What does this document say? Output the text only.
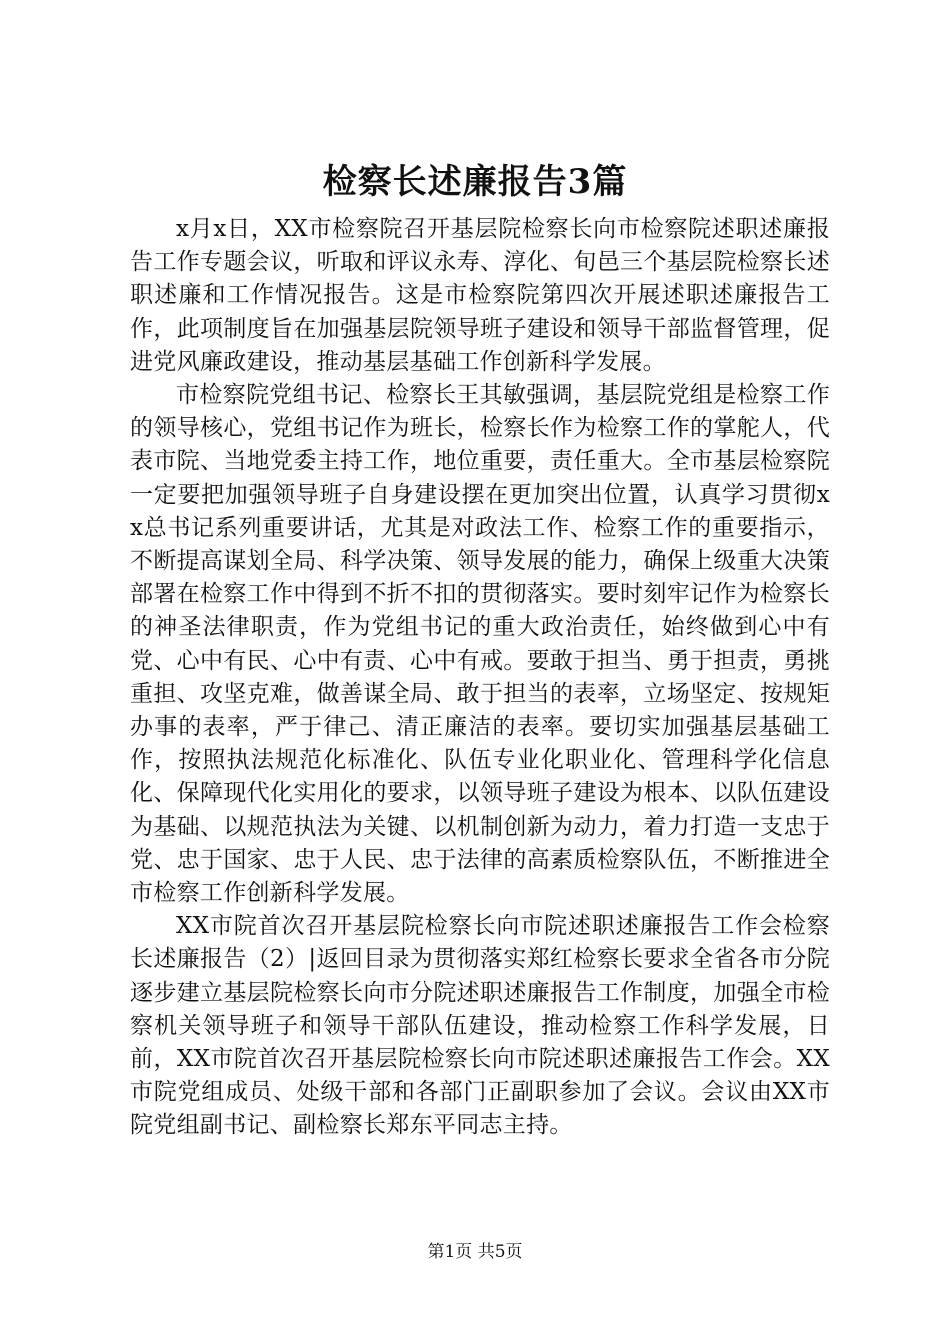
检察长述廉报告3篇

x月x日，XX市检察院召开基层院检察长向市检察院述职述廉报告工作专题会议，听取和评议永寿、淳化、旬邑三个基层院检察长述职述廉和工作情况报告。这是市检察院第四次开展述职述廉报告工作，此项制度旨在加强基层院领导班子建设和领导干部监督管理，促进党风廉政建设，推动基层基础工作创新科学发展。

市检察院党组书记、检察长王其敏强调，基层院党组是检察工作的领导核心，党组书记作为班长，检察长作为检察工作的掌舵人，代表市院、当地党委主持工作，地位重要，责任重大。全市基层检察院一定要把加强领导班子自身建设摆在更加突出位置，认真学习贯彻xx总书记系列重要讲话，尤其是对政法工作、检察工作的重要指示，不断提高谋划全局、科学决策、领导发展的能力，确保上级重大决策部署在检察工作中得到不折不扣的贯彻落实。要时刻牢记作为检察长的神圣法律职责，作为党组书记的重大政治责任，始终做到心中有党、心中有民、心中有责、心中有戒。要敢于担当、勇于担责，勇挑重担、攻坚克难，做善谋全局、敢于担当的表率，立场坚定、按规矩办事的表率，严于律己、清正廉洁的表率。要切实加强基层基础工作，按照执法规范化标准化、队伍专业化职业化、管理科学化信息化、保障现代化实用化的要求，以领导班子建设为根本、以队伍建设为基础、以规范执法为关键、以机制创新为动力，着力打造一支忠于党、忠于国家、忠于人民、忠于法律的高素质检察队伍，不断推进全市检察工作创新科学发展。

XX市院首次召开基层院检察长向市院述职述廉报告工作会检察长述廉报告（2）|返回目录为贯彻落实郑红检察长要求全省各市分院逐步建立基层院检察长向市分院述职述廉报告工作制度，加强全市检察机关领导班子和领导干部队伍建设，推动检察工作科学发展，日前，XX市院首次召开基层院检察长向市院述职述廉报告工作会。XX市院党组成员、处级干部和各部门正副职参加了会议。会议由XX市院党组副书记、副检察长郑东平同志主持。

第1页 共5页
